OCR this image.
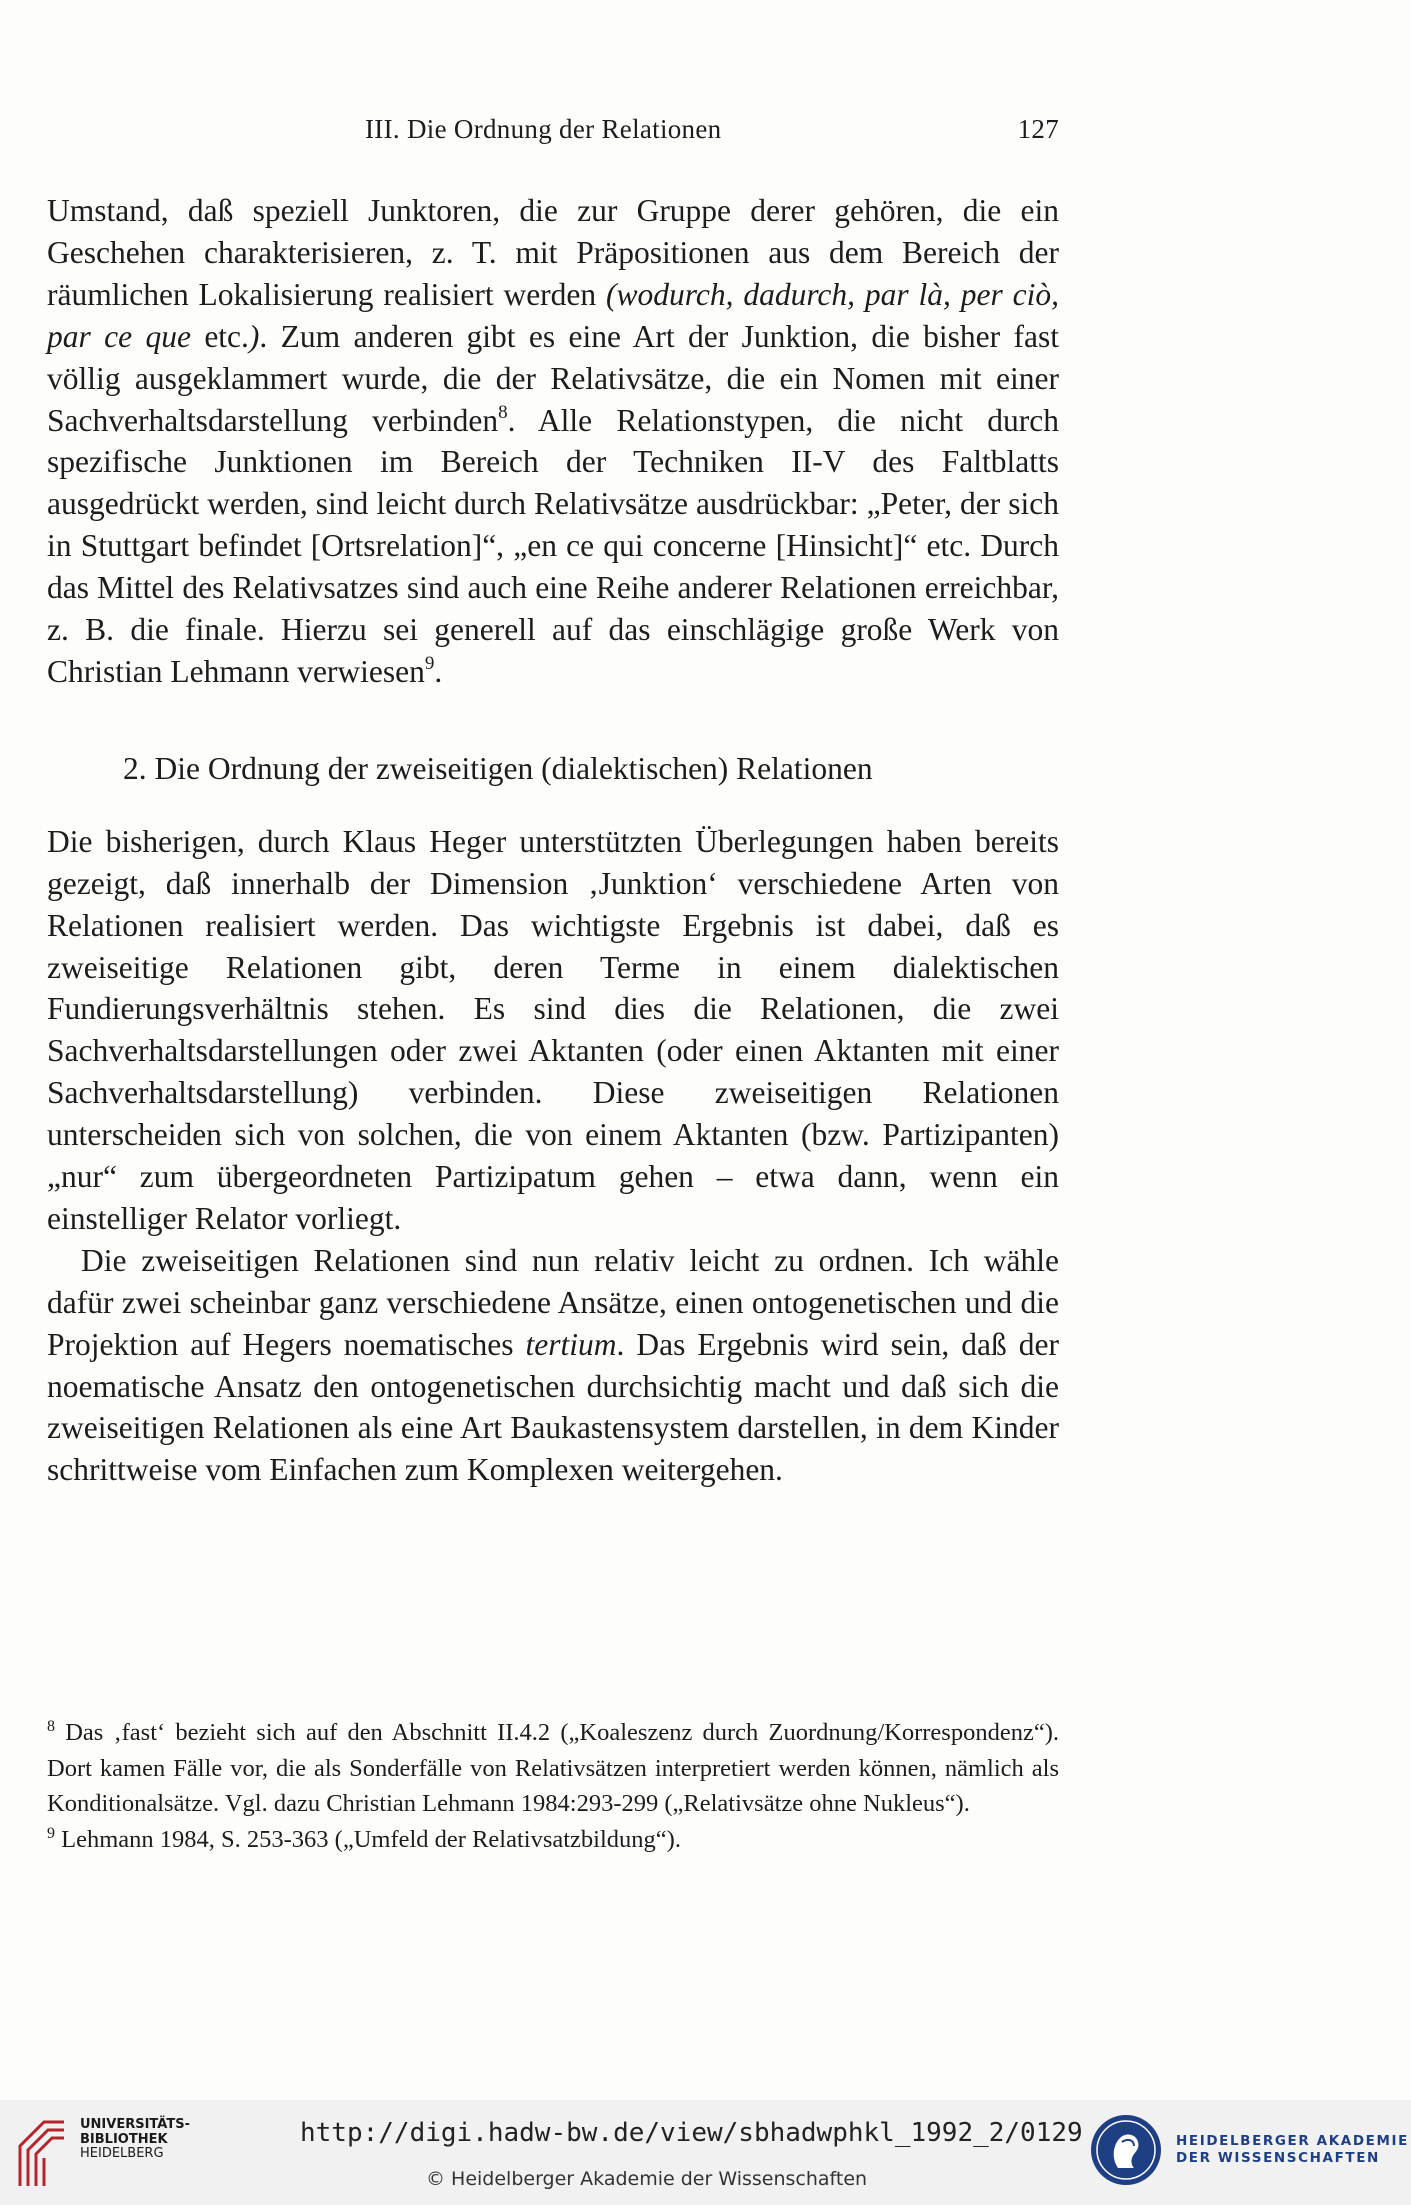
III. Die Ordnung der Relationen	127

Umstand, daß speziell Junktoren, die zur Gruppe derer gehören, die ein Geschehen charakterisieren, z. T. mit Präpositionen aus dem Bereich der räumlichen Lokalisierung realisiert werden (wodurch, dadurch, par là, per ciò, par ce que etc.). Zum anderen gibt es eine Art der Junktion, die bisher fast völlig ausgeklammert wurde, die der Relativsätze, die ein Nomen mit einer Sachverhaltsdarstellung verbinden$^8$. Alle Relationstypen, die nicht durch spezifische Junktionen im Bereich der Techniken II-V des Faltblatts ausgedrückt werden, sind leicht durch Relativsätze ausdrückbar: „Peter, der sich in Stuttgart befindet [Ortsrelation]“, „en ce qui concerne [Hinsicht]“ etc. Durch das Mittel des Relativsatzes sind auch eine Reihe anderer Relationen erreichbar, z. B. die finale. Hierzu sei generell auf das einschlägige große Werk von Christian Lehmann verwiesen$^9$.

2. Die Ordnung der zweiseitigen (dialektischen) Relationen

Die bisherigen, durch Klaus Heger unterstützten Überlegungen haben bereits gezeigt, daß innerhalb der Dimension ‚Junktion‘ verschiedene Arten von Relationen realisiert werden. Das wichtigste Ergebnis ist dabei, daß es zweiseitige Relationen gibt, deren Terme in einem dialektischen Fundierungsverhältnis stehen. Es sind dies die Relationen, die zwei Sachverhaltsdarstellungen oder zwei Aktanten (oder einen Aktanten mit einer Sachverhaltsdarstellung) verbinden. Diese zweiseitigen Relationen unterscheiden sich von solchen, die von einem Aktanten (bzw. Partizipanten) „nur“ zum übergeordneten Partizipatum gehen – etwa dann, wenn ein einstelliger Relator vorliegt.

Die zweiseitigen Relationen sind nun relativ leicht zu ordnen. Ich wähle dafür zwei scheinbar ganz verschiedene Ansätze, einen ontogenetischen und die Projektion auf Hegers noematisches tertium. Das Ergebnis wird sein, daß der noematische Ansatz den ontogenetischen durchsichtig macht und daß sich die zweiseitigen Relationen als eine Art Baukastensystem darstellen, in dem Kinder schrittweise vom Einfachen zum Komplexen weitergehen.

$^8$ Das ‚fast‘ bezieht sich auf den Abschnitt II.4.2 („Koaleszenz durch Zuordnung/Korrespondenz“). Dort kamen Fälle vor, die als Sonderfälle von Relativsätzen interpretiert werden können, nämlich als Konditionalsätze. Vgl. dazu Christian Lehmann 1984:293-299 („Relativsätze ohne Nukleus“).

$^9$ Lehmann 1984, S. 253-363 („Umfeld der Relativsatzbildung“).

UNIVERSITÄTS-
BIBLIOTHEK
HEIDELBERG
http://digi.hadw-bw.de/view/sbhadwphkl_1992_2/0129
© Heidelberger Akademie der Wissenschaften
HEIDELBERGER AKADEMIE
DER WISSENSCHAFTEN
